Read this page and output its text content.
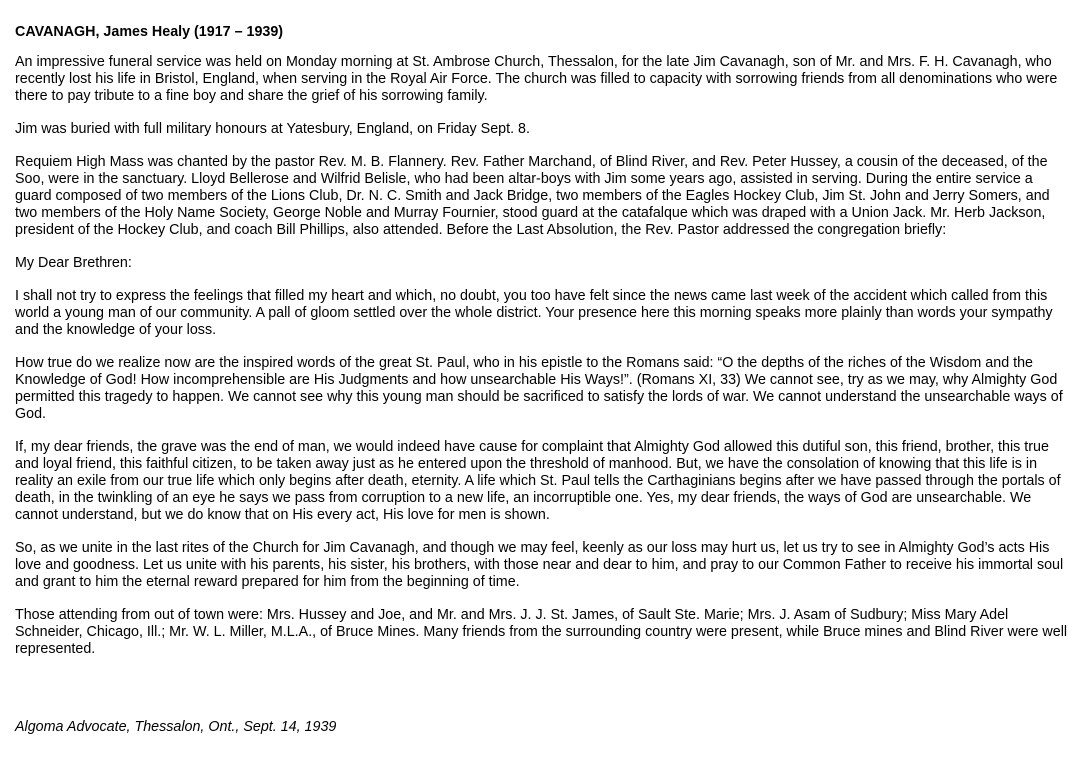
CAVANAGH, James Healy (1917 – 1939)

An impressive funeral service was held on Monday morning at St. Ambrose Church, Thessalon, for the late Jim Cavanagh, son of Mr. and Mrs. F. H. Cavanagh, who recently lost his life in Bristol, England, when serving in the Royal Air Force. The church was filled to capacity with sorrowing friends from all denominations who were there to pay tribute to a fine boy and share the grief of his sorrowing family.

Jim was buried with full military honours at Yatesbury, England, on Friday Sept. 8.

Requiem High Mass was chanted by the pastor Rev. M. B. Flannery. Rev. Father Marchand, of Blind River, and Rev. Peter Hussey, a cousin of the deceased, of the Soo, were in the sanctuary. Lloyd Bellerose and Wilfrid Belisle, who had been altar-boys with Jim some years ago, assisted in serving. During the entire service a guard composed of two members of the Lions Club, Dr. N. C. Smith and Jack Bridge, two members of the Eagles Hockey Club, Jim St. John and Jerry Somers, and two members of the Holy Name Society, George Noble and Murray Fournier, stood guard at the catafalque which was draped with a Union Jack. Mr. Herb Jackson, president of the Hockey Club, and coach Bill Phillips, also attended. Before the Last Absolution, the Rev. Pastor addressed the congregation briefly:

My Dear Brethren:

I shall not try to express the feelings that filled my heart and which, no doubt, you too have felt since the news came last week of the accident which called from this world a young man of our community. A pall of gloom settled over the whole district. Your presence here this morning speaks more plainly than words your sympathy and the knowledge of your loss.

How true do we realize now are the inspired words of the great St. Paul, who in his epistle to the Romans said: “O the depths of the riches of the Wisdom and the Knowledge of God! How incomprehensible are His Judgments and how unsearchable His Ways!”. (Romans XI, 33) We cannot see, try as we may, why Almighty God permitted this tragedy to happen. We cannot see why this young man should be sacrificed to satisfy the lords of war. We cannot understand the unsearchable ways of God.

If, my dear friends, the grave was the end of man, we would indeed have cause for complaint that Almighty God allowed this dutiful son, this friend, brother, this true and loyal friend, this faithful citizen, to be taken away just as he entered upon the threshold of manhood. But, we have the consolation of knowing that this life is in reality an exile from our true life which only begins after death, eternity. A life which St. Paul tells the Carthaginians begins after we have passed through the portals of death, in the twinkling of an eye he says we pass from corruption to a new life, an incorruptible one. Yes, my dear friends, the ways of God are unsearchable. We cannot understand, but we do know that on His every act, His love for men is shown.

So, as we unite in the last rites of the Church for Jim Cavanagh, and though we may feel, keenly as our loss may hurt us, let us try to see in Almighty God’s acts His love and goodness. Let us unite with his parents, his sister, his brothers, with those near and dear to him, and pray to our Common Father to receive his immortal soul and grant to him the eternal reward prepared for him from the beginning of time.

Those attending from out of town were: Mrs. Hussey and Joe, and Mr. and Mrs. J. J. St. James, of Sault Ste. Marie; Mrs. J. Asam of Sudbury; Miss Mary Adel Schneider, Chicago, Ill.; Mr. W. L. Miller, M.L.A., of Bruce Mines. Many friends from the surrounding country were present, while Bruce mines and Blind River were well represented.

Algoma Advocate, Thessalon, Ont., Sept. 14, 1939
